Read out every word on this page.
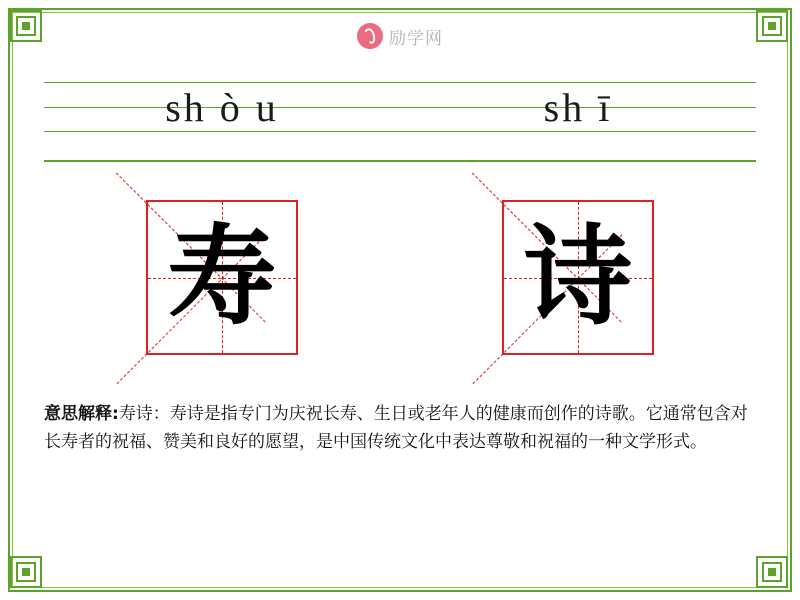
励学网
sh ò u	sh ī
寿 诗
意思解释:寿诗：寿诗是指专门为庆祝长寿、生日或老年人的健康而创作的诗歌。它通常包含对长寿者的祝福、赞美和良好的愿望，是中国传统文化中表达尊敬和祝福的一种文学形式。
